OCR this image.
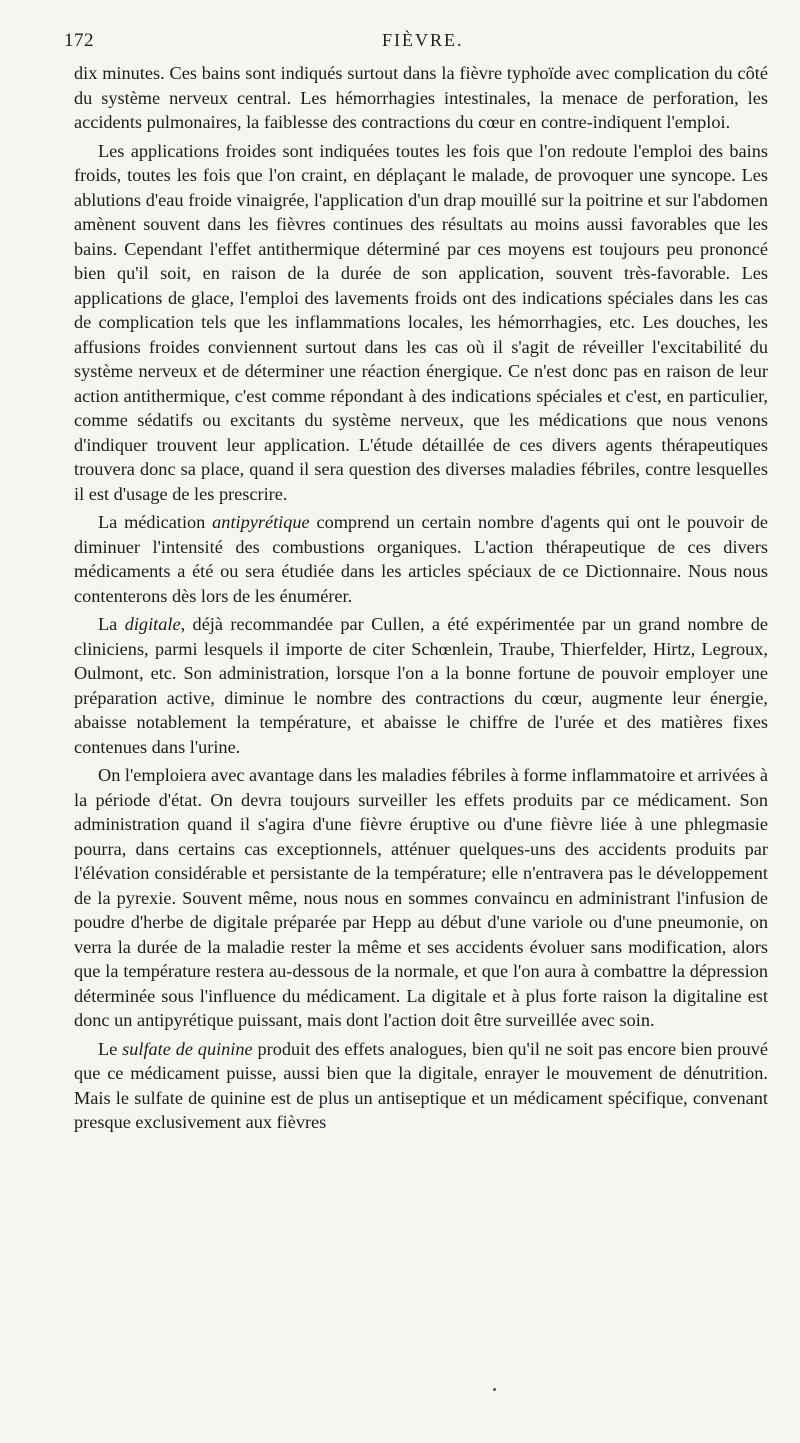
172	FIÈVRE.

dix minutes. Ces bains sont indiqués surtout dans la fièvre typhoïde avec complication du côté du système nerveux central. Les hémorrhagies intestinales, la menace de perforation, les accidents pulmonaires, la faiblesse des contractions du cœur en contre-indiquent l'emploi.

Les applications froides sont indiquées toutes les fois que l'on redoute l'emploi des bains froids, toutes les fois que l'on craint, en déplaçant le malade, de provoquer une syncope. Les ablutions d'eau froide vinaigrée, l'application d'un drap mouillé sur la poitrine et sur l'abdomen amènent souvent dans les fièvres continues des résultats au moins aussi favorables que les bains. Cependant l'effet antithermique déterminé par ces moyens est toujours peu prononcé bien qu'il soit, en raison de la durée de son application, souvent très-favorable. Les applications de glace, l'emploi des lavements froids ont des indications spéciales dans les cas de complication tels que les inflammations locales, les hémorrhagies, etc. Les douches, les affusions froides conviennent surtout dans les cas où il s'agit de réveiller l'excitabilité du système nerveux et de déterminer une réaction énergique. Ce n'est donc pas en raison de leur action antithermique, c'est comme répondant à des indications spéciales et c'est, en particulier, comme sédatifs ou excitants du système nerveux, que les médications que nous venons d'indiquer trouvent leur application. L'étude détaillée de ces divers agents thérapeutiques trouvera donc sa place, quand il sera question des diverses maladies fébriles, contre lesquelles il est d'usage de les prescrire.

La médication antipyrétique comprend un certain nombre d'agents qui ont le pouvoir de diminuer l'intensité des combustions organiques. L'action thérapeutique de ces divers médicaments a été ou sera étudiée dans les articles spéciaux de ce Dictionnaire. Nous nous contenterons dès lors de les énumérer.

La digitale, déjà recommandée par Cullen, a été expérimentée par un grand nombre de cliniciens, parmi lesquels il importe de citer Schœnlein, Traube, Thierfelder, Hirtz, Legroux, Oulmont, etc. Son administration, lorsque l'on a la bonne fortune de pouvoir employer une préparation active, diminue le nombre des contractions du cœur, augmente leur énergie, abaisse notablement la température, et abaisse le chiffre de l'urée et des matières fixes contenues dans l'urine.

On l'emploiera avec avantage dans les maladies fébriles à forme inflammatoire et arrivées à la période d'état. On devra toujours surveiller les effets produits par ce médicament. Son administration quand il s'agira d'une fièvre éruptive ou d'une fièvre liée à une phlegmasie pourra, dans certains cas exceptionnels, atténuer quelques-uns des accidents produits par l'élévation considérable et persistante de la température; elle n'entravera pas le développement de la pyrexie. Souvent même, nous nous en sommes convaincu en administrant l'infusion de poudre d'herbe de digitale préparée par Hepp au début d'une variole ou d'une pneumonie, on verra la durée de la maladie rester la même et ses accidents évoluer sans modification, alors que la température restera au-dessous de la normale, et que l'on aura à combattre la dépression déterminée sous l'influence du médicament. La digitale et à plus forte raison la digitaline est donc un antipyrétique puissant, mais dont l'action doit être surveillée avec soin.

Le sulfate de quinine produit des effets analogues, bien qu'il ne soit pas encore bien prouvé que ce médicament puisse, aussi bien que la digitale, enrayer le mouvement de dénutrition. Mais le sulfate de quinine est de plus un antiseptique et un médicament spécifique, convenant presque exclusivement aux fièvres
